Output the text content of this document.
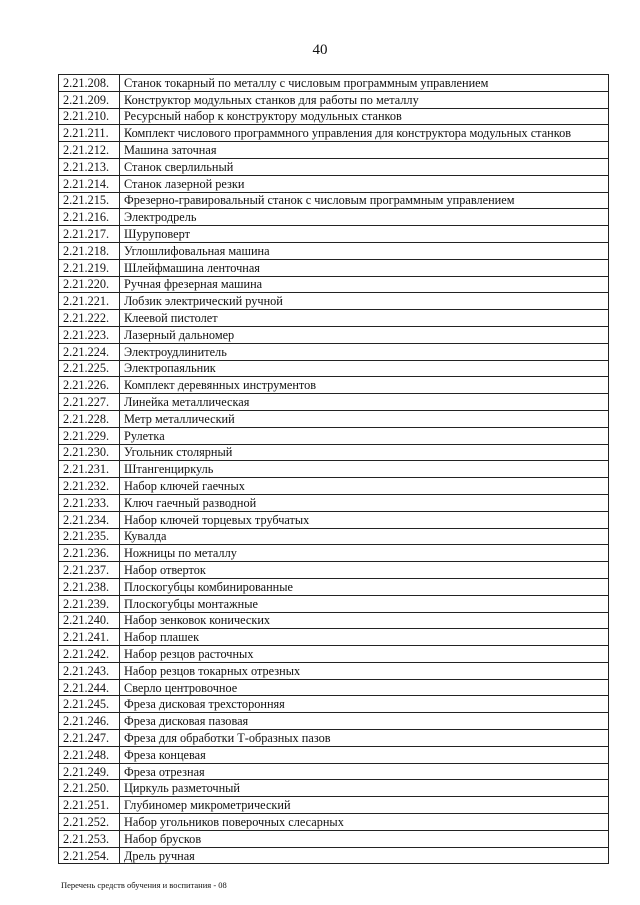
40
2.21.208.	Станок токарный по металлу с числовым программным управлением
2.21.209.	Конструктор модульных станков для работы по металлу
2.21.210.	Ресурсный набор к конструктору модульных станков
2.21.211.	Комплект числового программного управления для конструктора модульных станков
2.21.212.	Машина заточная
2.21.213.	Станок сверлильный
2.21.214.	Станок лазерной резки
2.21.215.	Фрезерно-гравировальный станок с числовым программным управлением
2.21.216.	Электродрель
2.21.217.	Шуруповерт
2.21.218.	Углошлифовальная машина
2.21.219.	Шлейфмашина ленточная
2.21.220.	Ручная фрезерная машина
2.21.221.	Лобзик электрический ручной
2.21.222.	Клеевой пистолет
2.21.223.	Лазерный дальномер
2.21.224.	Электроудлинитель
2.21.225.	Электропаяльник
2.21.226.	Комплект деревянных инструментов
2.21.227.	Линейка металлическая
2.21.228.	Метр металлический
2.21.229.	Рулетка
2.21.230.	Угольник столярный
2.21.231.	Штангенциркуль
2.21.232.	Набор ключей гаечных
2.21.233.	Ключ гаечный разводной
2.21.234.	Набор ключей торцевых трубчатых
2.21.235.	Кувалда
2.21.236.	Ножницы по металлу
2.21.237.	Набор отверток
2.21.238.	Плоскогубцы комбинированные
2.21.239.	Плоскогубцы монтажные
2.21.240.	Набор зенковок конических
2.21.241.	Набор плашек
2.21.242.	Набор резцов расточных
2.21.243.	Набор резцов токарных отрезных
2.21.244.	Сверло центровочное
2.21.245.	Фреза дисковая трехсторонняя
2.21.246.	Фреза дисковая пазовая
2.21.247.	Фреза для обработки Т-образных пазов
2.21.248.	Фреза концевая
2.21.249.	Фреза отрезная
2.21.250.	Циркуль разметочный
2.21.251.	Глубиномер микрометрический
2.21.252.	Набор угольников поверочных слесарных
2.21.253.	Набор брусков
2.21.254.	Дрель ручная
Перечень средств обучения и воспитания - 08
